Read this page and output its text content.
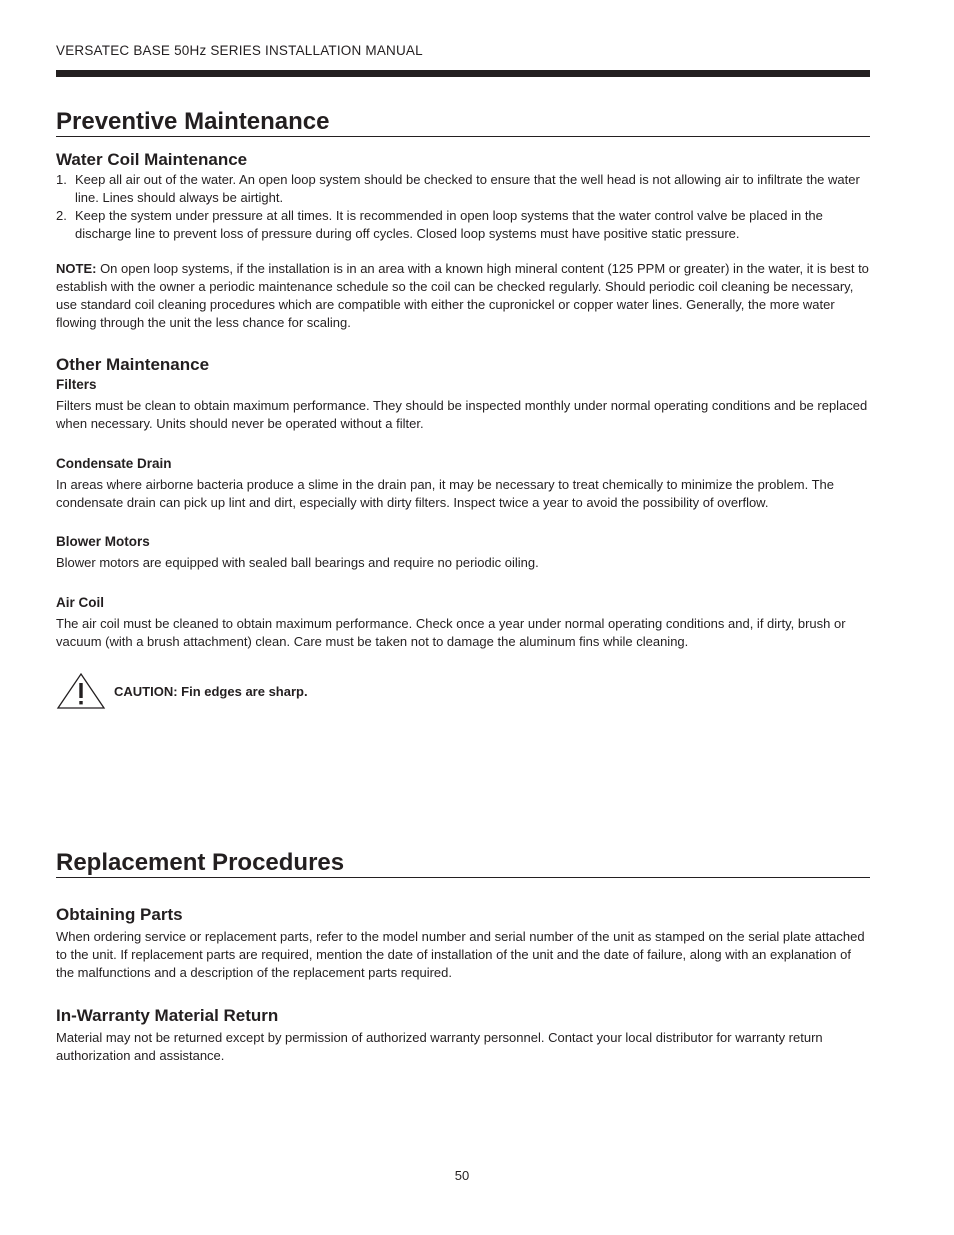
VERSATEC BASE 50Hz SERIES INSTALLATION MANUAL
Preventive Maintenance
Water Coil Maintenance
1. Keep all air out of the water. An open loop system should be checked to ensure that the well head is not allowing air to infiltrate the water line. Lines should always be airtight.
2. Keep the system under pressure at all times. It is recommended in open loop systems that the water control valve be placed in the discharge line to prevent loss of pressure during off cycles. Closed loop systems must have positive static pressure.

NOTE: On open loop systems, if the installation is in an area with a known high mineral content (125 PPM or greater) in the water, it is best to establish with the owner a periodic maintenance schedule so the coil can be checked regularly. Should periodic coil cleaning be necessary, use standard coil cleaning procedures which are compatible with either the cupronickel or copper water lines. Generally, the more water flowing through the unit the less chance for scaling.

Other Maintenance
Filters

Filters must be clean to obtain maximum performance. They should be inspected monthly under normal operating conditions and be replaced when necessary. Units should never be operated without a filter.

Condensate Drain

In areas where airborne bacteria produce a slime in the drain pan, it may be necessary to treat chemically to minimize the problem. The condensate drain can pick up lint and dirt, especially with dirty filters. Inspect twice a year to avoid the possibility of overflow.

Blower Motors

Blower motors are equipped with sealed ball bearings and require no periodic oiling.

Air Coil

The air coil must be cleaned to obtain maximum performance. Check once a year under normal operating conditions and, if dirty, brush or vacuum (with a brush attachment) clean. Care must be taken not to damage the aluminum fins while cleaning.

CAUTION: Fin edges are sharp.
Replacement Procedures
Obtaining Parts

When ordering service or replacement parts, refer to the model number and serial number of the unit as stamped on the serial plate attached to the unit. If replacement parts are required, mention the date of installation of the unit and the date of failure, along with an explanation of the malfunctions and a description of the replacement parts required.

In-Warranty Material Return

Material may not be returned except by permission of authorized warranty personnel. Contact your local distributor for warranty return authorization and assistance.

50
